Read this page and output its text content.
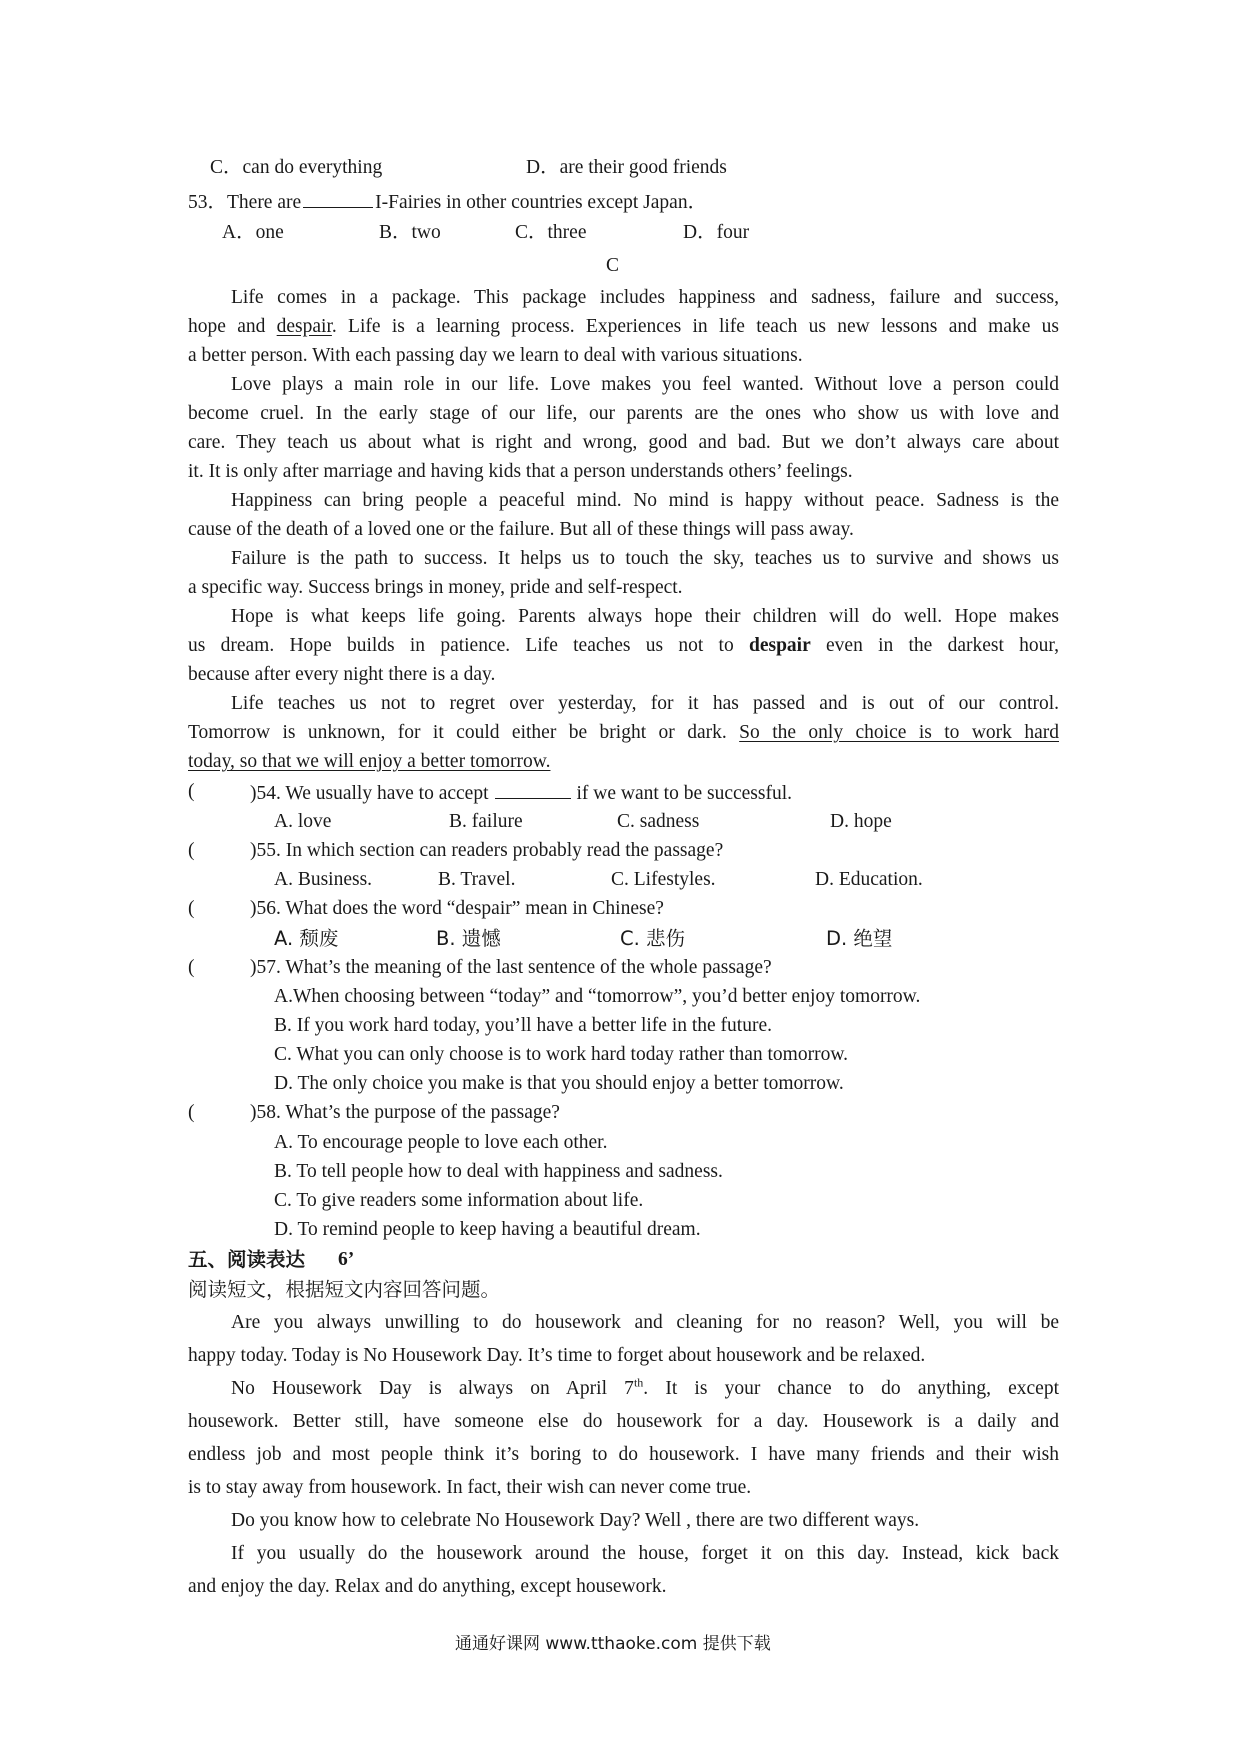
C．can do everything	D．are their good friends
53．There are	I-Fairies in other countries except Japan．
A．one	B．two	C．three	D．four
C
Life comes in a package. This package includes happiness and sadness, failure and success,
hope and despair. Life is a learning process. Experiences in life teach us new lessons and make us
a better person. With each passing day we learn to deal with various situations.
Love plays a main role in our life. Love makes you feel wanted. Without love a person could
become cruel. In the early stage of our life, our parents are the ones who show us with love and
care. They teach us about what is right and wrong, good and bad. But we don’t always care about
it. It is only after marriage and having kids that a person understands others’ feelings.
Happiness can bring people a peaceful mind. No mind is happy without peace. Sadness is the
cause of the death of a loved one or the failure. But all of these things will pass away.
Failure is the path to success. It helps us to touch the sky, teaches us to survive and shows us
a specific way. Success brings in money, pride and self-respect.
Hope is what keeps life going. Parents always hope their children will do well. Hope makes
us dream. Hope builds in patience. Life teaches us not to despair even in the darkest hour,
because after every night there is a day.
Life teaches us not to regret over yesterday, for it has passed and is out of our control.
Tomorrow is unknown, for it could either be bright or dark. So the only choice is to work hard
today, so that we will enjoy a better tomorrow.
(	)54. We usually have to accept	if we want to be successful.
A. love	B. failure	C. sadness	D. hope
(	)55. In which section can readers probably read the passage?
A. Business.	B. Travel.	C. Lifestyles.	D. Education.
(	)56. What does the word “despair” mean in Chinese?
A. 颓废	B. 遗憾	C. 悲伤	D. 绝望
(	)57. What’s the meaning of the last sentence of the whole passage?
A.When choosing between “today” and “tomorrow”, you’d better enjoy tomorrow.
B. If you work hard today, you’ll have a better life in the future.
C. What you can only choose is to work hard today rather than tomorrow.
D. The only choice you make is that you should enjoy a better tomorrow.
(	)58. What’s the purpose of the passage?
A. To encourage people to love each other.
B. To tell people how to deal with happiness and sadness.
C. To give readers some information about life.
D. To remind people to keep having a beautiful dream.
五、阅读表达 6’
阅读短文，根据短文内容回答问题。
Are you always unwilling to do housework and cleaning for no reason? Well, you will be
happy today. Today is No Housework Day. It’s time to forget about housework and be relaxed.
No Housework Day is always on April 7th. It is your chance to do anything, except
housework. Better still, have someone else do housework for a day. Housework is a daily and
endless job and most people think it’s boring to do housework. I have many friends and their wish
is to stay away from housework. In fact, their wish can never come true.
Do you know how to celebrate No Housework Day? Well , there are two different ways.
If you usually do the housework around the house, forget it on this day. Instead, kick back
and enjoy the day. Relax and do anything, except housework.
通通好课网 www.tthaoke.com 提供下载
